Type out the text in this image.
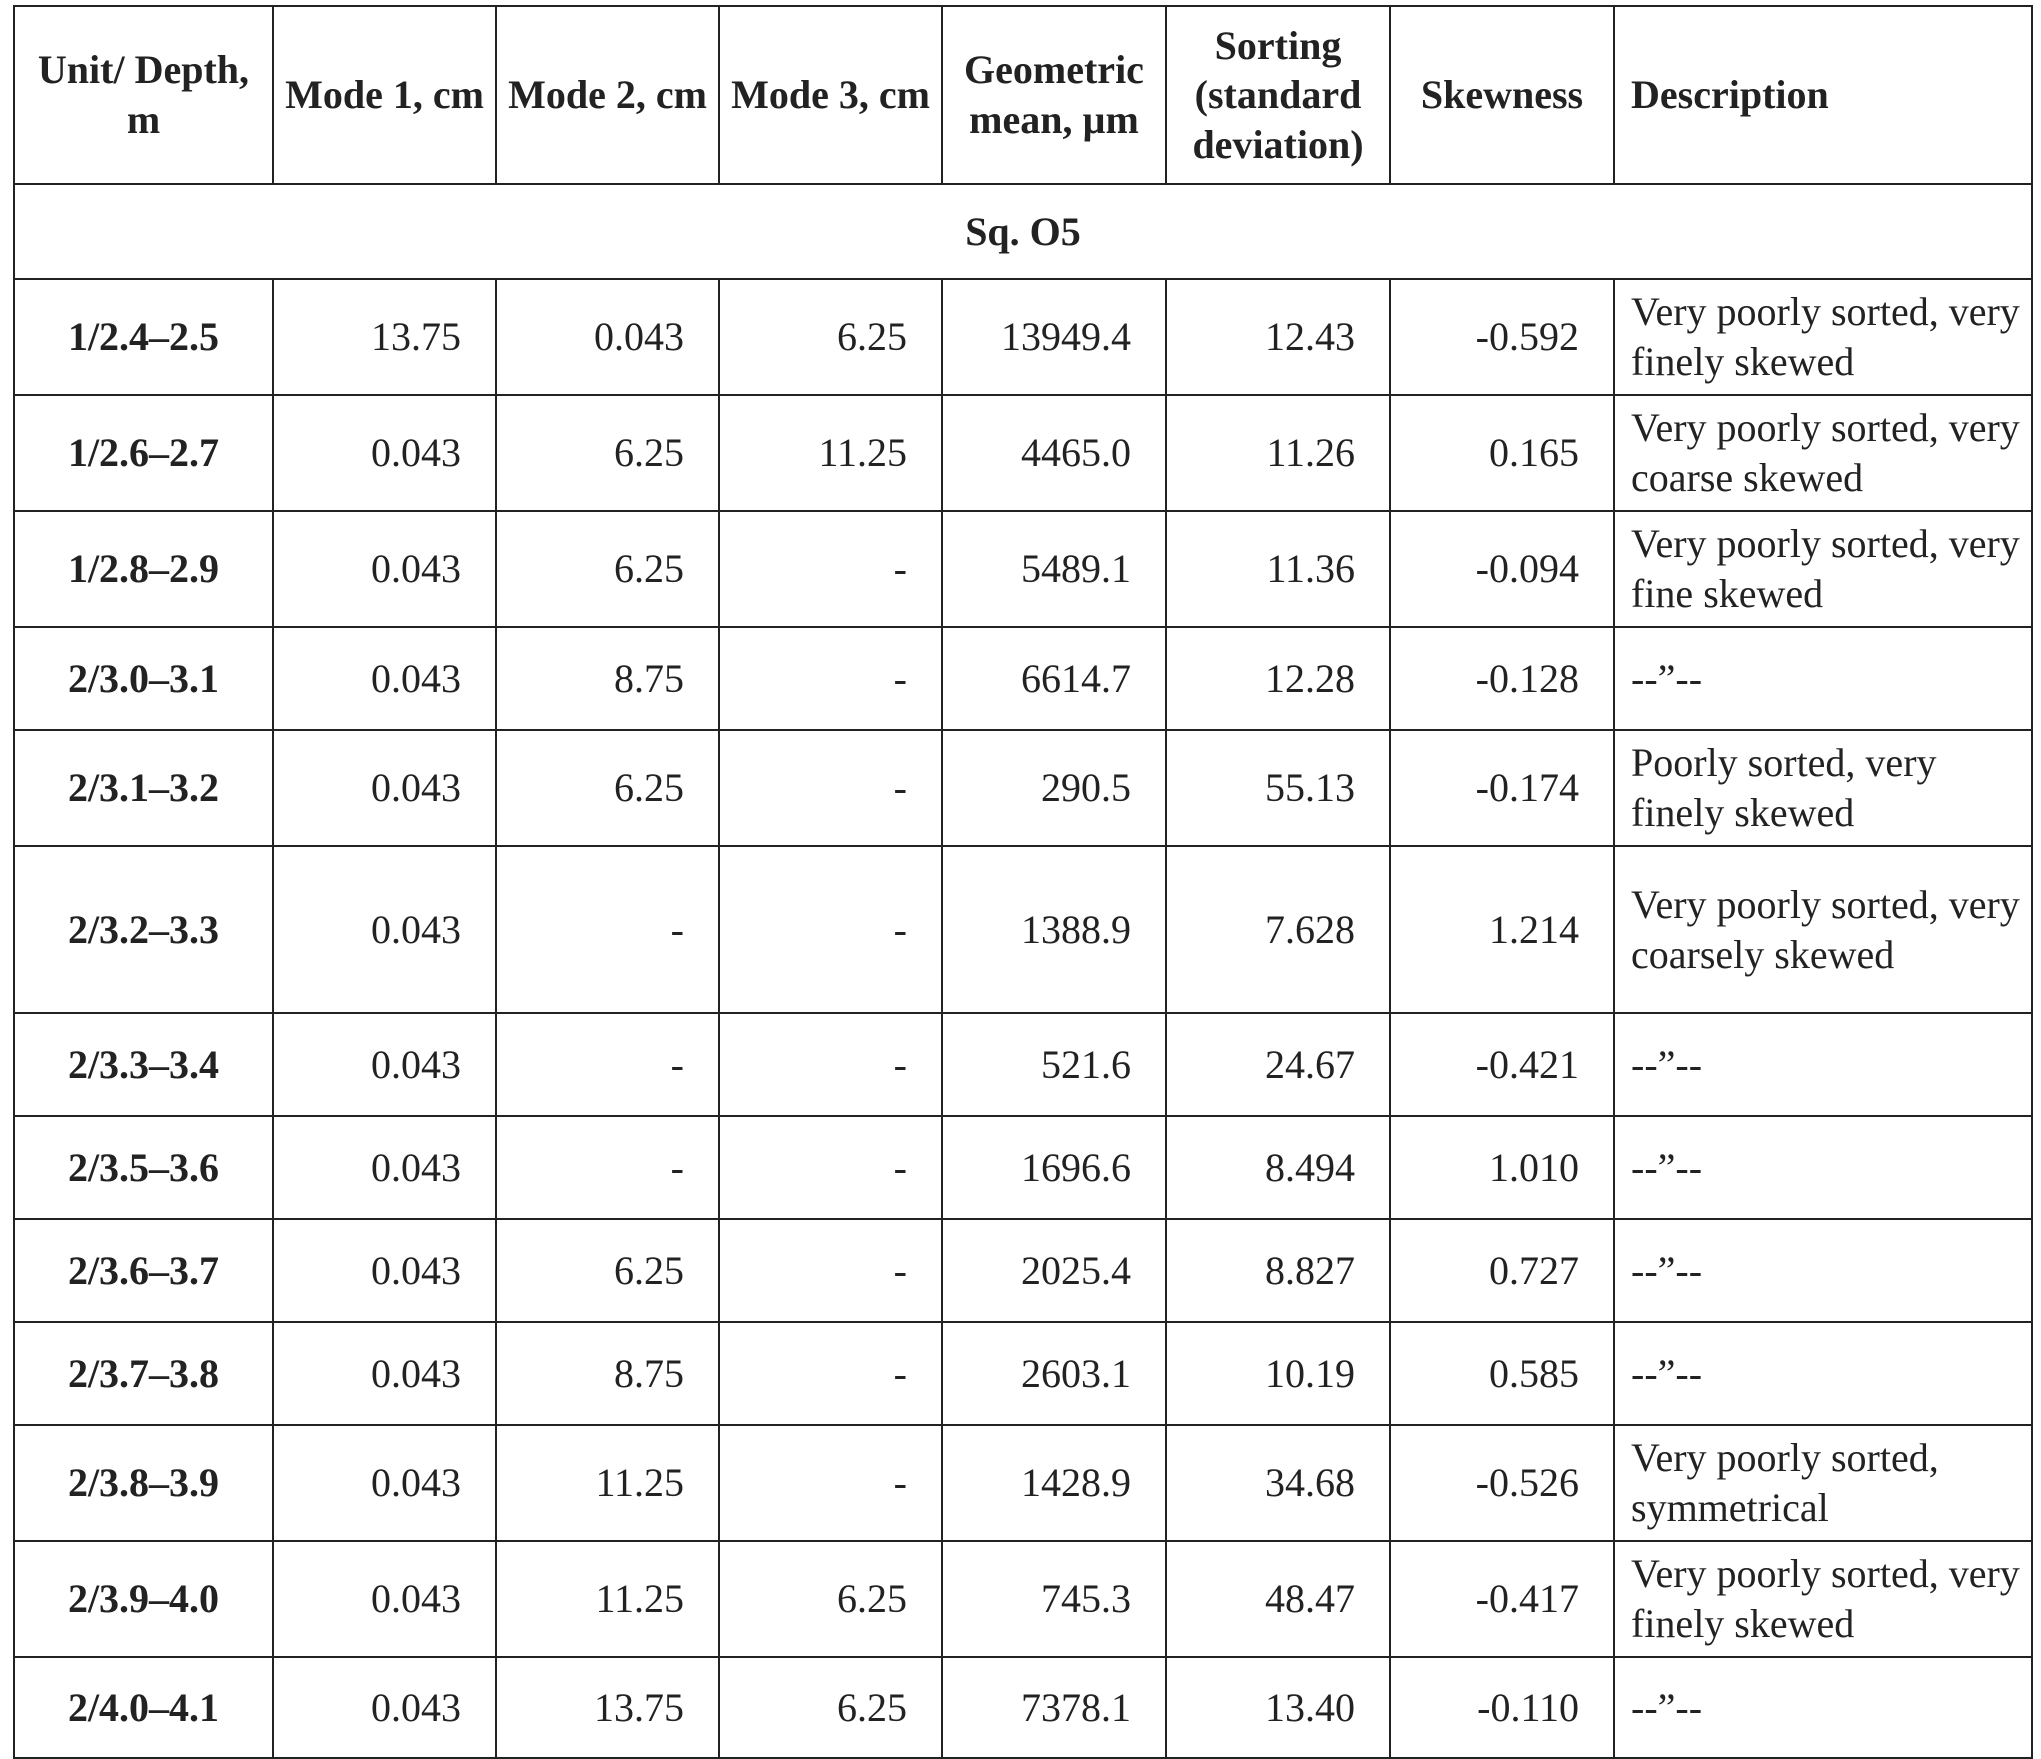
Unit/ Depth, m	Mode 1, cm	Mode 2, cm	Mode 3, cm	Geometric mean, µm	Sorting (standard deviation)	Skewness	Description
Sq. O5							
1/2.4–2.5	13.75	0.043	6.25	13949.4	12.43	-0.592	Very poorly sorted, very finely skewed
1/2.6–2.7	0.043	6.25	11.25	4465.0	11.26	0.165	Very poorly sorted, very coarse skewed
1/2.8–2.9	0.043	6.25	-	5489.1	11.36	-0.094	Very poorly sorted, very fine skewed
2/3.0–3.1	0.043	8.75	-	6614.7	12.28	-0.128	--”--
2/3.1–3.2	0.043	6.25	-	290.5	55.13	-0.174	Poorly sorted, very finely skewed
2/3.2–3.3	0.043	-	-	1388.9	7.628	1.214	Very poorly sorted, very coarsely skewed
2/3.3–3.4	0.043	-	-	521.6	24.67	-0.421	--”--
2/3.5–3.6	0.043	-	-	1696.6	8.494	1.010	--”--
2/3.6–3.7	0.043	6.25	-	2025.4	8.827	0.727	--”--
2/3.7–3.8	0.043	8.75	-	2603.1	10.19	0.585	--”--
2/3.8–3.9	0.043	11.25	-	1428.9	34.68	-0.526	Very poorly sorted, symmetrical
2/3.9–4.0	0.043	11.25	6.25	745.3	48.47	-0.417	Very poorly sorted, very finely skewed
2/4.0–4.1	0.043	13.75	6.25	7378.1	13.40	-0.110	--”--
